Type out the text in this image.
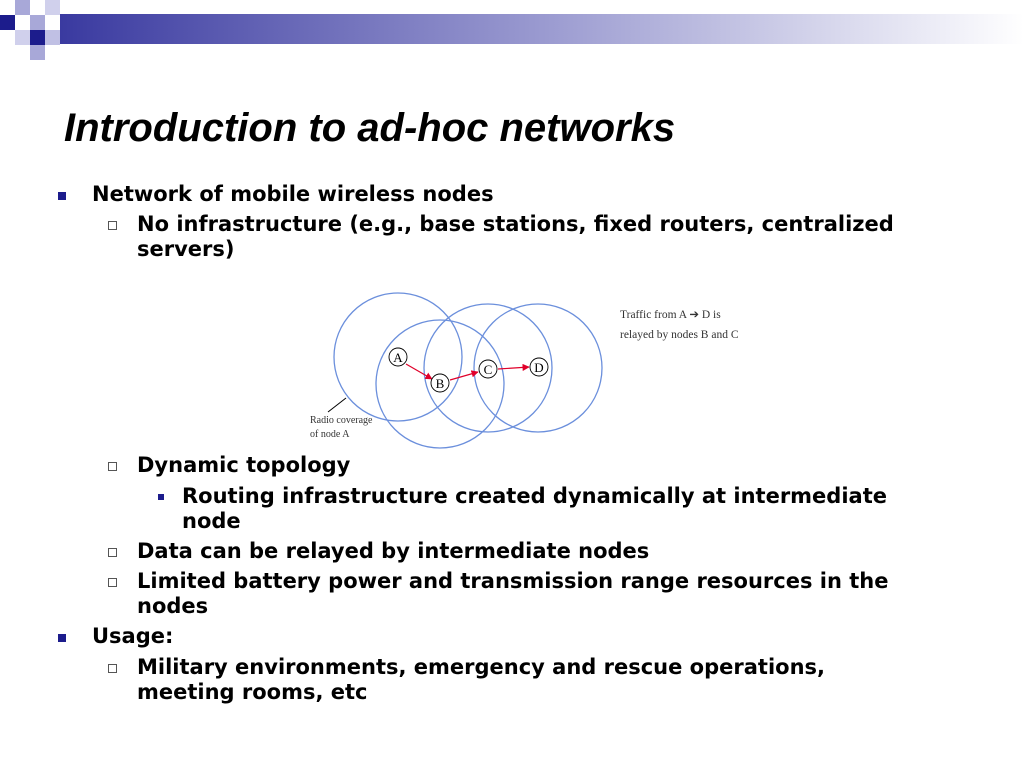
Introduction to ad-hoc networks
Network of mobile wireless nodes
No infrastructure (e.g., base stations, fixed routers, centralized servers)
A
B
C	D
Radio coverage
of node A
Traffic from A ➔ D is
relayed by nodes B and C
Dynamic topology
Routing infrastructure created dynamically at intermediate node
Data can be relayed by intermediate nodes
Limited battery power and transmission range resources in the nodes
Usage:
Military environments, emergency and rescue operations, meeting rooms, etc
